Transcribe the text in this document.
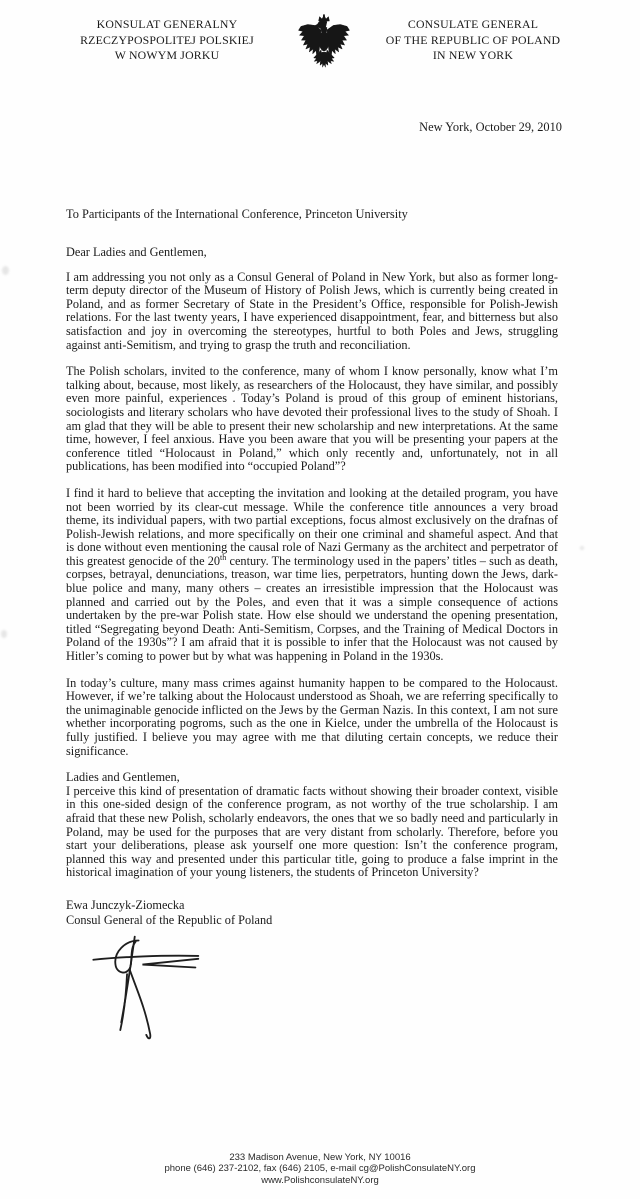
KONSULAT GENERALNY
RZECZYPOSPOLITEJ POLSKIEJ
W NOWYM JORKU
CONSULATE GENERAL
OF THE REPUBLIC OF POLAND
IN NEW YORK
New York, October 29, 2010
To Participants of the International Conference, Princeton University

Dear Ladies and Gentlemen,

I am addressing you not only as a Consul General of Poland in New York, but also as former long-term deputy director of the Museum of History of Polish Jews, which is currently being created in Poland, and as former Secretary of State in the President’s Office, responsible for Polish-Jewish relations. For the last twenty years, I have experienced disappointment, fear, and bitterness but also satisfaction and joy in overcoming the stereotypes, hurtful to both Poles and Jews, struggling against anti-Semitism, and trying to grasp the truth and reconciliation.

The Polish scholars, invited to the conference, many of whom I know personally, know what I’m talking about, because, most likely, as researchers of the Holocaust, they have similar, and possibly even more painful, experiences . Today’s Poland is proud of this group of eminent historians, sociologists and literary scholars who have devoted their professional lives to the study of Shoah. I am glad that they will be able to present their new scholarship and new interpretations. At the same time, however, I feel anxious. Have you been aware that you will be presenting your papers at the conference titled “Holocaust in Poland,” which only recently and, unfortunately, not in all publications, has been modified into “occupied Poland”?

I find it hard to believe that accepting the invitation and looking at the detailed program, you have not been worried by its clear-cut message. While the conference title announces a very broad theme, its individual papers, with two partial exceptions, focus almost exclusively on the drafnas of Polish-Jewish relations, and more specifically on their one criminal and shameful aspect. And that is done without even mentioning the causal role of Nazi Germany as the architect and perpetrator of this greatest genocide of the 20th century. The terminology used in the papers’ titles – such as death, corpses, betrayal, denunciations, treason, war time lies, perpetrators, hunting down the Jews, dark-blue police and many, many others – creates an irresistible impression that the Holocaust was planned and carried out by the Poles, and even that it was a simple consequence of actions undertaken by the pre-war Polish state. How else should we understand the opening presentation, titled “Segregating beyond Death: Anti-Semitism, Corpses, and the Training of Medical Doctors in Poland of the 1930s”? I am afraid that it is possible to infer that the Holocaust was not caused by Hitler’s coming to power but by what was happening in Poland in the 1930s.

In today’s culture, many mass crimes against humanity happen to be compared to the Holocaust. However, if we’re talking about the Holocaust understood as Shoah, we are referring specifically to the unimaginable genocide inflicted on the Jews by the German Nazis. In this context, I am not sure whether incorporating pogroms, such as the one in Kielce, under the umbrella of the Holocaust is fully justified. I believe you may agree with me that diluting certain concepts, we reduce their significance.

Ladies and Gentlemen,

I perceive this kind of presentation of dramatic facts without showing their broader context, visible in this one-sided design of the conference program, as not worthy of the true scholarship. I am afraid that these new Polish, scholarly endeavors, the ones that we so badly need and particularly in Poland, may be used for the purposes that are very distant from scholarly. Therefore, before you start your deliberations, please ask yourself one more question: Isn’t the conference program, planned this way and presented under this particular title, going to produce a false imprint in the historical imagination of your young listeners, the students of Princeton University?

Ewa Junczyk-Ziomecka
Consul General of the Republic of Poland
233 Madison Avenue, New York, NY 10016
phone (646) 237-2102, fax (646) 2105, e-mail cg@PolishConsulateNY.org
www.PolishconsulateNY.org
